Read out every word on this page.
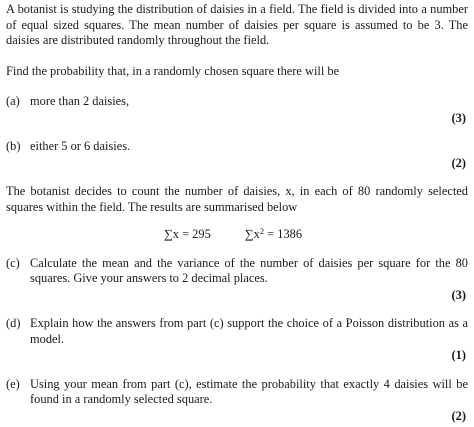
A botanist is studying the distribution of daisies in a field. The field is divided into a number of equal sized squares. The mean number of daisies per square is assumed to be 3. The daisies are distributed randomly throughout the field.

Find the probability that, in a randomly chosen square there will be

(a) more than 2 daisies,
(3)
(b) either 5 or 6 daisies.
(2)

The botanist decides to count the number of daisies, x, in each of 80 randomly selected squares within the field. The results are summarised below

∑x = 295	$\sum x^2 = 1386$
(c) Calculate the mean and the variance of the number of daisies per square for the 80 squares. Give your answers to 2 decimal places.
(3)
(d) Explain how the answers from part (c) support the choice of a Poisson distribution as a model.
(1)
(e) Using your mean from part (c), estimate the probability that exactly 4 daisies will be found in a randomly selected square.
(2)
